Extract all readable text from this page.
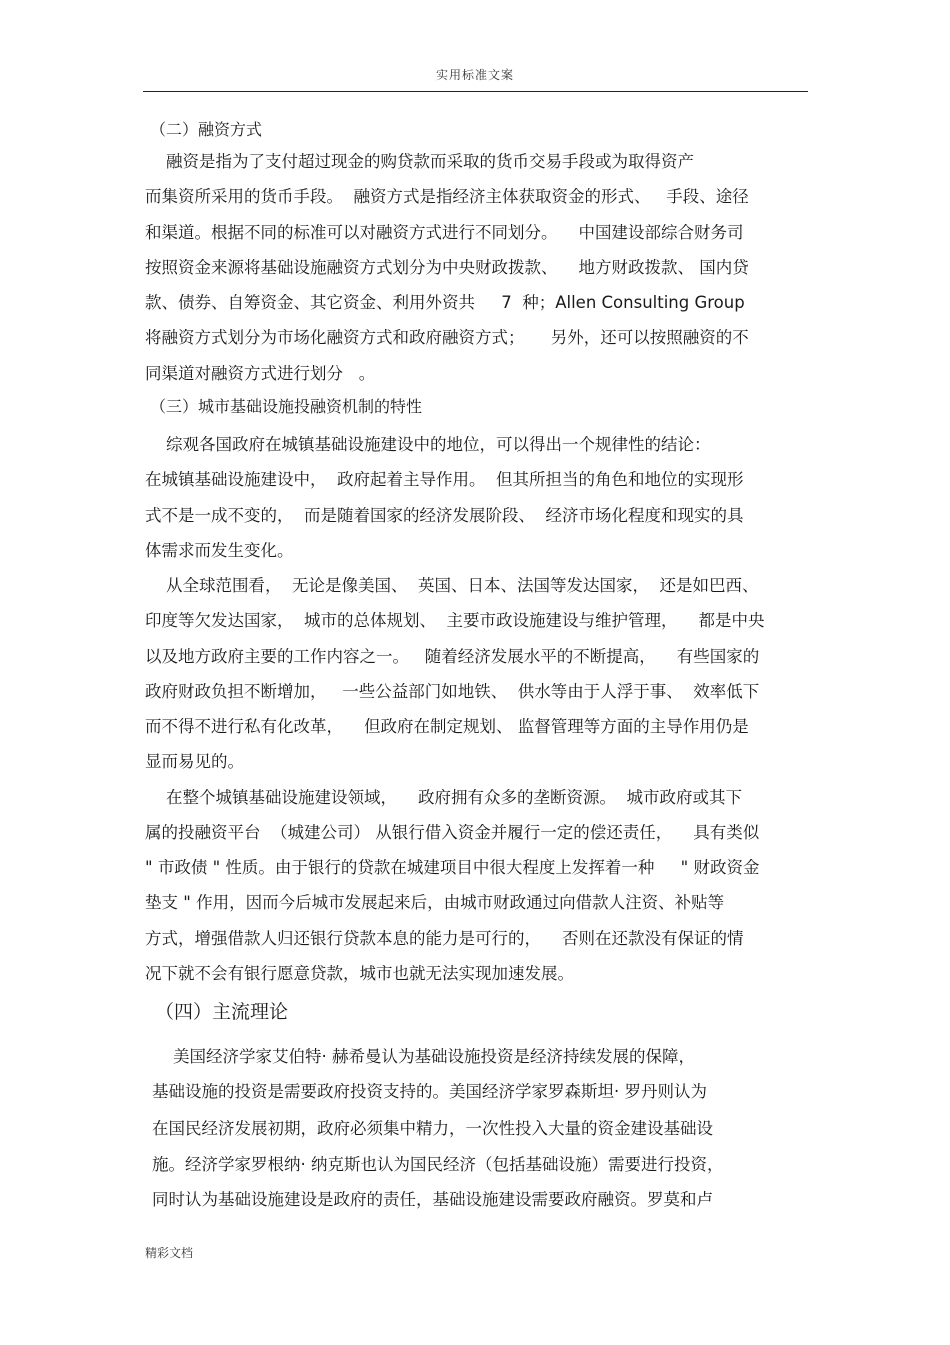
实用标准文案
（二）融资方式
融资是指为了支付超过现金的购贷款而采取的货币交易手段或为取得资产
而集资所采用的货币手段。  融资方式是指经济主体获取资金的形式、   手段、途径
和渠道。根据不同的标准可以对融资方式进行不同划分。    中国建设部综合财务司
按照资金来源将基础设施融资方式划分为中央财政拨款、    地方财政拨款、 国内贷
款、债券、自筹资金、其它资金、利用外资共     7  种；Allen Consulting Group
将融资方式划分为市场化融资方式和政府融资方式；     另外，还可以按照融资的不
同渠道对融资方式进行划分   。
（三）城市基础设施投融资机制的特性
综观各国政府在城镇基础设施建设中的地位，可以得出一个规律性的结论：
在城镇基础设施建设中，  政府起着主导作用。  但其所担当的角色和地位的实现形
式不是一成不变的，  而是随着国家的经济发展阶段、  经济市场化程度和现实的具
体需求而发生变化。
从全球范围看，  无论是像美国、  英国、日本、法国等发达国家，  还是如巴西、
印度等欠发达国家，  城市的总体规划、  主要市政设施建设与维护管理，    都是中央
以及地方政府主要的工作内容之一。   随着经济发展水平的不断提高，    有些国家的
政府财政负担不断增加，   一些公益部门如地铁、  供水等由于人浮于事、  效率低下
而不得不进行私有化改革，    但政府在制定规划、 监督管理等方面的主导作用仍是
显而易见的。
在整个城镇基础设施建设领域，    政府拥有众多的垄断资源。  城市政府或其下
属的投融资平台  （城建公司） 从银行借入资金并履行一定的偿还责任，    具有类似
" 市政债 " 性质。由于银行的贷款在城建项目中很大程度上发挥着一种     " 财政资金
垫支 " 作用，因而今后城市发展起来后，由城市财政通过向借款人注资、补贴等
方式，增强借款人归还银行贷款本息的能力是可行的，    否则在还款没有保证的情
况下就不会有银行愿意贷款，城市也就无法实现加速发展。
（四）主流理论
美国经济学家艾伯特· 赫希曼认为基础设施投资是经济持续发展的保障，
基础设施的投资是需要政府投资支持的。美国经济学家罗森斯坦· 罗丹则认为
在国民经济发展初期，政府必须集中精力，一次性投入大量的资金建设基础设
施。经济学家罗根纳· 纳克斯也认为国民经济（包括基础设施）需要进行投资，
同时认为基础设施建设是政府的责任，基础设施建设需要政府融资。罗莫和卢
精彩文档
